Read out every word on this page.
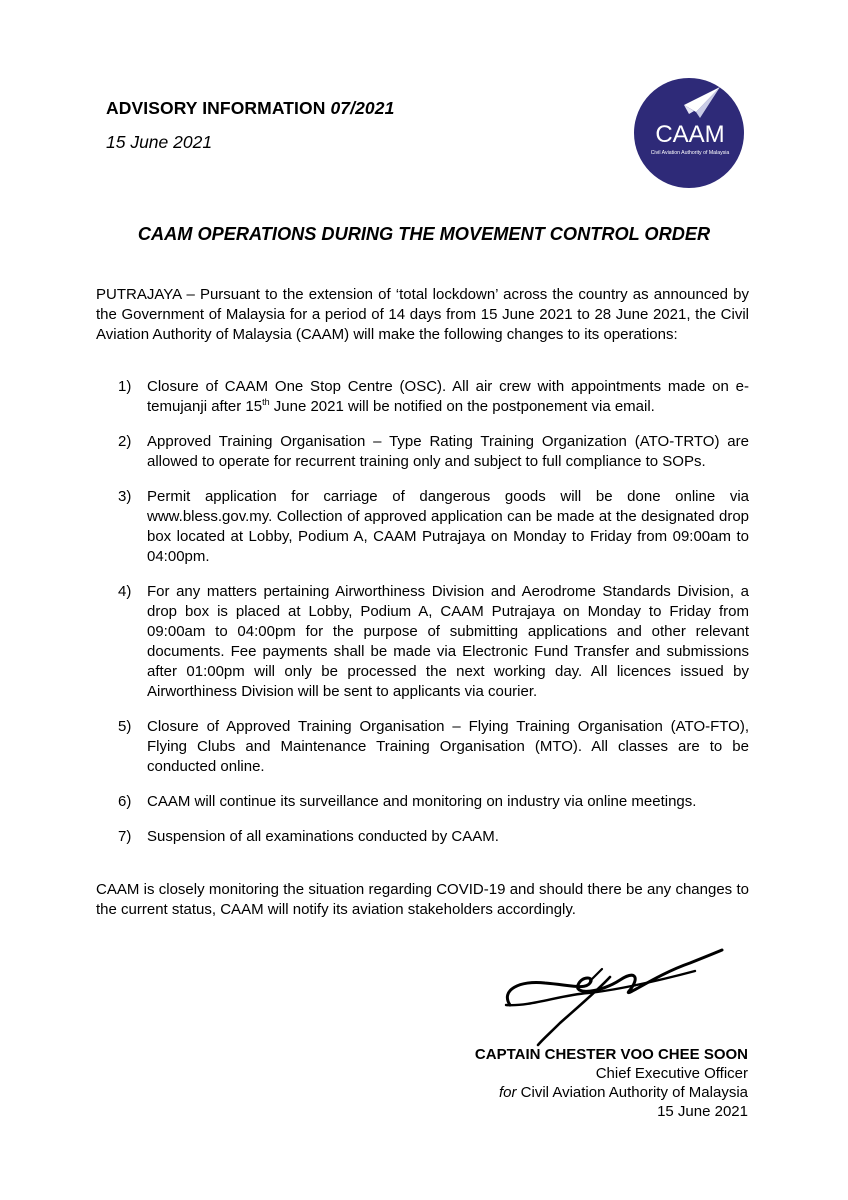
ADVISORY INFORMATION 07/2021
15 June 2021	CAAM
Civil Aviation Authority of Malaysia
CAAM OPERATIONS DURING THE MOVEMENT CONTROL ORDER
PUTRAJAYA – Pursuant to the extension of ‘total lockdown’ across the country as announced by the Government of Malaysia for a period of 14 days from 15 June 2021 to 28 June 2021, the Civil Aviation Authority of Malaysia (CAAM) will make the following changes to its operations:
1) Closure of CAAM One Stop Centre (OSC). All air crew with appointments made on e-temujanji after 15th June 2021 will be notified on the postponement via email.
2) Approved Training Organisation – Type Rating Training Organization (ATO-TRTO) are allowed to operate for recurrent training only and subject to full compliance to SOPs.
3) Permit application for carriage of dangerous goods will be done online via www.bless.gov.my. Collection of approved application can be made at the designated drop box located at Lobby, Podium A, CAAM Putrajaya on Monday to Friday from 09:00am to 04:00pm.
4) For any matters pertaining Airworthiness Division and Aerodrome Standards Division, a drop box is placed at Lobby, Podium A, CAAM Putrajaya on Monday to Friday from 09:00am to 04:00pm for the purpose of submitting applications and other relevant documents. Fee payments shall be made via Electronic Fund Transfer and submissions after 01:00pm will only be processed the next working day. All licences issued by Airworthiness Division will be sent to applicants via courier.
5) Closure of Approved Training Organisation – Flying Training Organisation (ATO-FTO), Flying Clubs and Maintenance Training Organisation (MTO). All classes are to be conducted online.
6) CAAM will continue its surveillance and monitoring on industry via online meetings.
7) Suspension of all examinations conducted by CAAM.
CAAM is closely monitoring the situation regarding COVID-19 and should there be any changes to the current status, CAAM will notify its aviation stakeholders accordingly.
CAPTAIN CHESTER VOO CHEE SOON
Chief Executive Officer
for Civil Aviation Authority of Malaysia
15 June 2021
